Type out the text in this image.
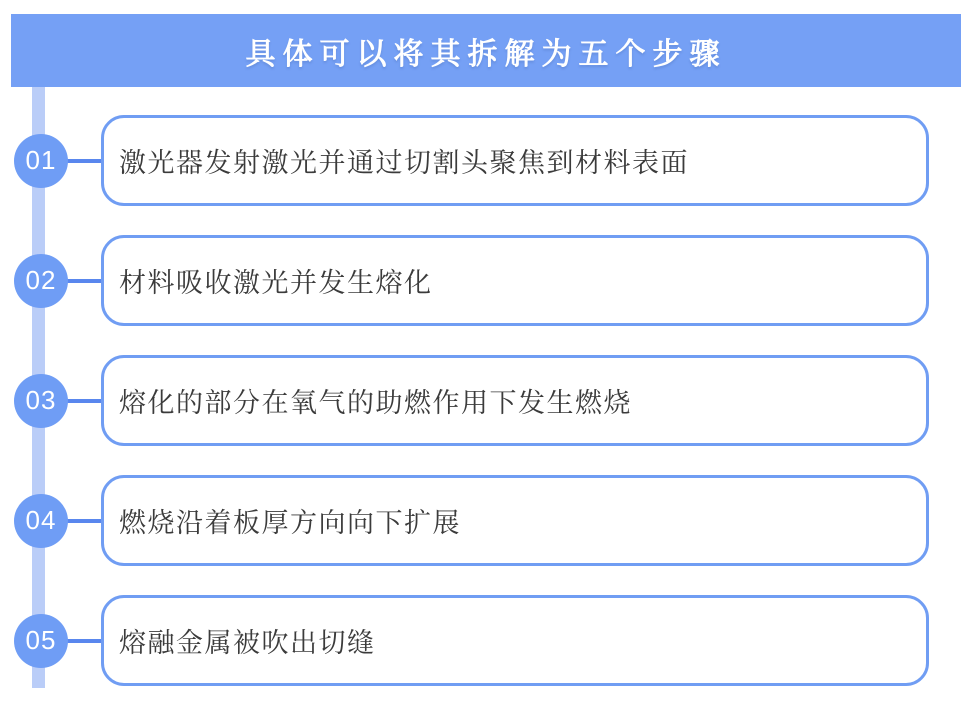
具体可以将其拆解为五个步骤
01 激光器发射激光并通过切割头聚焦到材料表面
02 材料吸收激光并发生熔化
03 熔化的部分在氧气的助燃作用下发生燃烧
04 燃烧沿着板厚方向向下扩展
05 熔融金属被吹出切缝
